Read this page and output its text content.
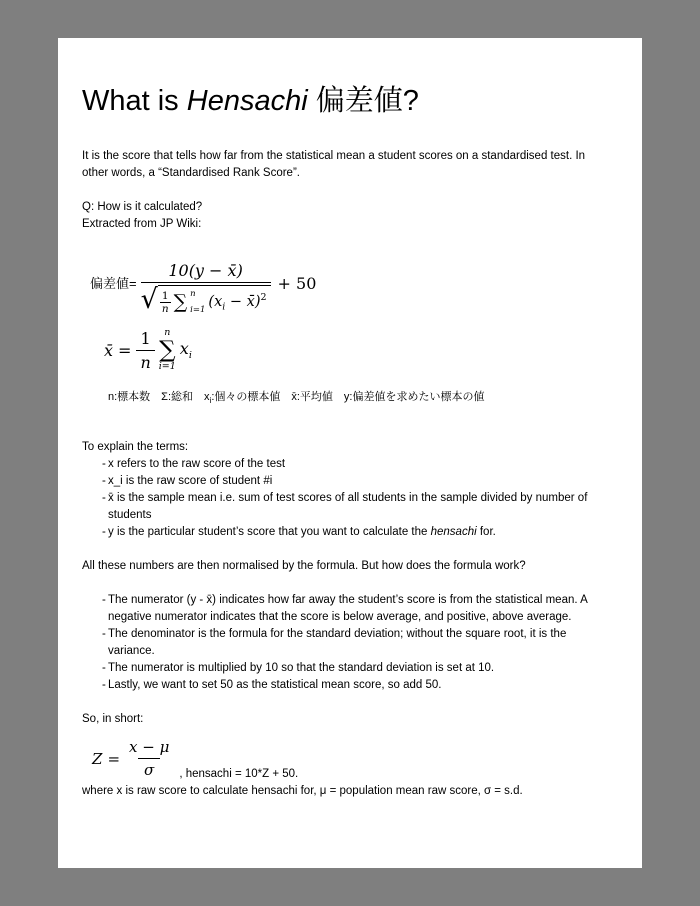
What is Hensachi 偏差値?

It is the score that tells how far from the statistical mean a student scores on a standardised test. In other words, a “Standardised Rank Score”.

Q: How is it calculated?
Extracted from JP Wiki:

偏差値=
10(y − x̄)
√ 1
n ∑ n
i=1
($x_i$ − x̄)$^2$
+ 50
x̄ = $\frac{1}{n}$ n
∑
i=1
$x_i$
n:標本数　Σ:総和　$x_i$:個々の標本値　x̄:平均値　y:偏差値を求めたい標本の値

To explain the terms:

- x refers to the raw score of the test
- x_i is the raw score of student #i
- x̄ is the sample mean i.e. sum of test scores of all students in the sample divided by number of students
- y is the particular student’s score that you want to calculate the hensachi for.

All these numbers are then normalised by the formula. But how does the formula work?

- The numerator (y - x̄) indicates how far away the student’s score is from the statistical mean. A negative numerator indicates that the score is below average, and positive, above average.
- The denominator is the formula for the standard deviation; without the square root, it is the variance.
- The numerator is multiplied by 10 so that the standard deviation is set at 10.
- Lastly, we want to set 50 as the statistical mean score, so add 50.

So, in short:

$Z = \frac{x - \mu}{\sigma}$ , hensachi = 10*Z + 50.

where x is raw score to calculate hensachi for, μ = population mean raw score, σ = s.d.
